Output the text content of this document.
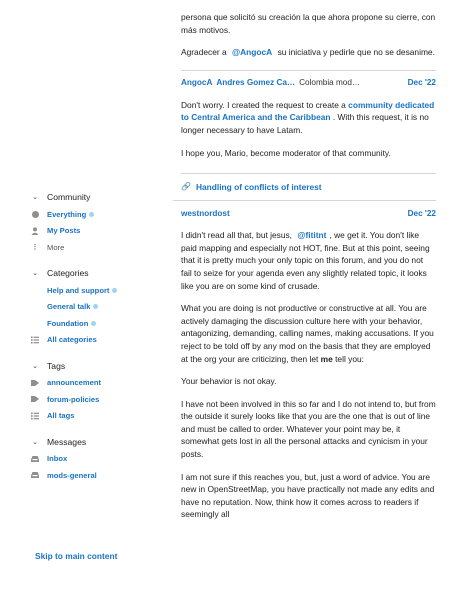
⌄ Community
Everything
My Posts
⋮ More
⌄ Categories
Help and support
General talk
Foundation
All categories
⌄ Tags
announcement
forum-policies
All tags
⌄ Messages
Inbox
mods-general
Skip to main content

persona que solicitó su creación la que ahora propone su cierre, con más motivos.

Agradecer a @AngocA su iniciativa y pedirle que no se desanime.

AngocA Andres Gomez Ca… Colombia mod…	Dec '22

Don't worry. I created the request to create a community dedicated to Central America and the Caribbean . With this request, it is no longer necessary to have Latam.

I hope you, Mario, become moderator of that community.

🔗 Handling of conflicts of interest
westnordost	Dec '22

I didn't read all that, but jesus, @fititnt , we get it. You don't like paid mapping and especially not HOT, fine. But at this point, seeing that it is pretty much your only topic on this forum, and you do not fail to seize for your agenda even any slightly related topic, it looks like you are on some kind of crusade.

What you are doing is not productive or constructive at all. You are actively damaging the discussion culture here with your behavior, antagonizing, demanding, calling names, making accusations. If you reject to be told off by any mod on the basis that they are employed at the org your are criticizing, then let me tell you:

Your behavior is not okay.

I have not been involved in this so far and I do not intend to, but from the outside it surely looks like that you are the one that is out of line and must be called to order. Whatever your point may be, it somewhat gets lost in all the personal attacks and cynicism in your posts.

I am not sure if this reaches you, but, just a word of advice. You are new in OpenStreetMap, you have practically not made any edits and have no reputation. Now, think how it comes across to readers if seemingly all
